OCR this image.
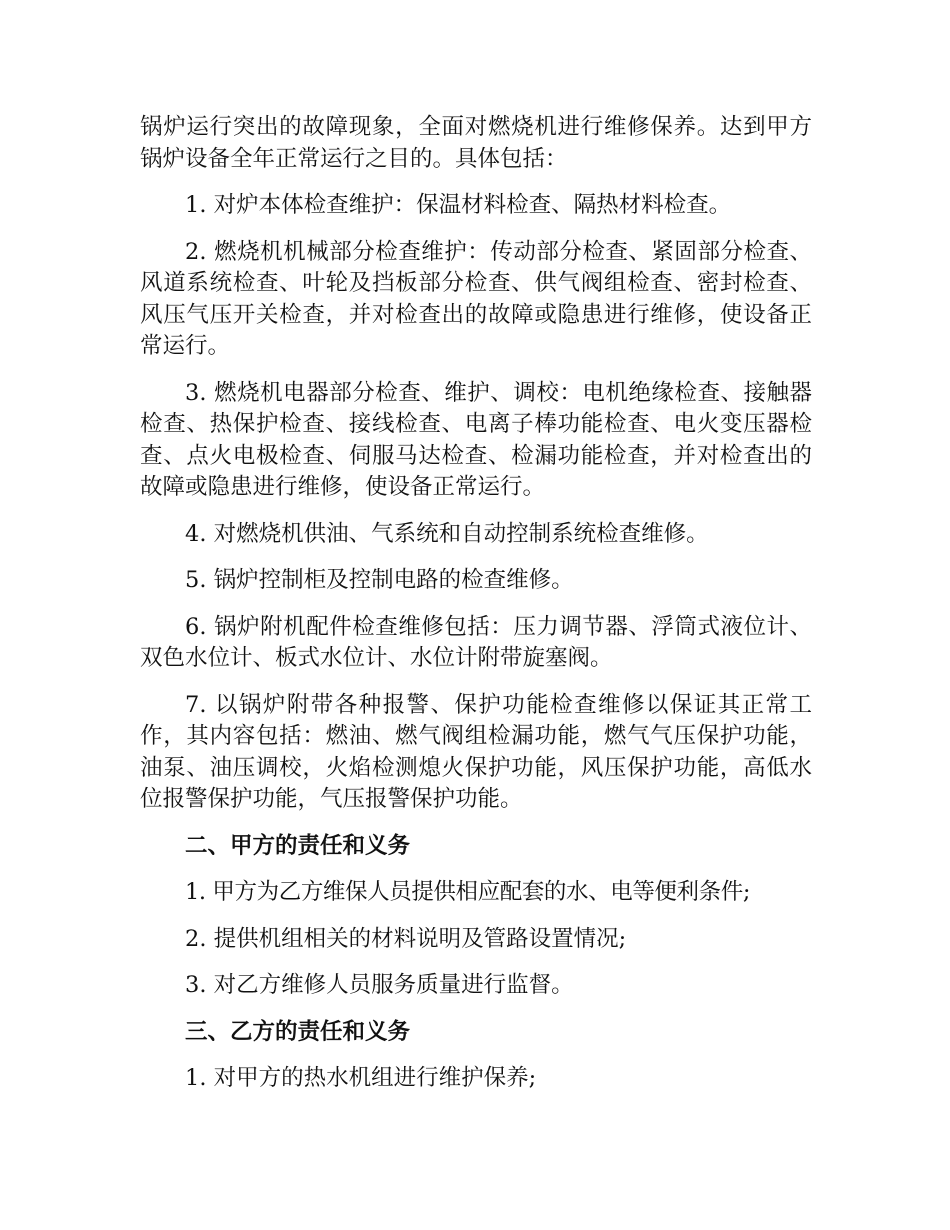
锅炉运行突出的故障现象，全面对燃烧机进行维修保养。达到甲方锅炉设备全年正常运行之目的。具体包括：

1. 对炉本体检查维护：保温材料检查、隔热材料检查。

2. 燃烧机机械部分检查维护：传动部分检查、紧固部分检查、风道系统检查、叶轮及挡板部分检查、供气阀组检查、密封检查、风压气压开关检查，并对检查出的故障或隐患进行维修，使设备正常运行。

3. 燃烧机电器部分检查、维护、调校：电机绝缘检查、接触器检查、热保护检查、接线检查、电离子棒功能检查、电火变压器检查、点火电极检查、伺服马达检查、检漏功能检查，并对检查出的故障或隐患进行维修，使设备正常运行。

4. 对燃烧机供油、气系统和自动控制系统检查维修。

5. 锅炉控制柜及控制电路的检查维修。

6. 锅炉附机配件检查维修包括：压力调节器、浮筒式液位计、双色水位计、板式水位计、水位计附带旋塞阀。

7. 以锅炉附带各种报警、保护功能检查维修以保证其正常工作，其内容包括：燃油、燃气阀组检漏功能，燃气气压保护功能，油泵、油压调校，火焰检测熄火保护功能，风压保护功能，高低水位报警保护功能，气压报警保护功能。

二、甲方的责任和义务

1. 甲方为乙方维保人员提供相应配套的水、电等便利条件;

2. 提供机组相关的材料说明及管路设置情况;

3. 对乙方维修人员服务质量进行监督。

三、乙方的责任和义务

1. 对甲方的热水机组进行维护保养;
